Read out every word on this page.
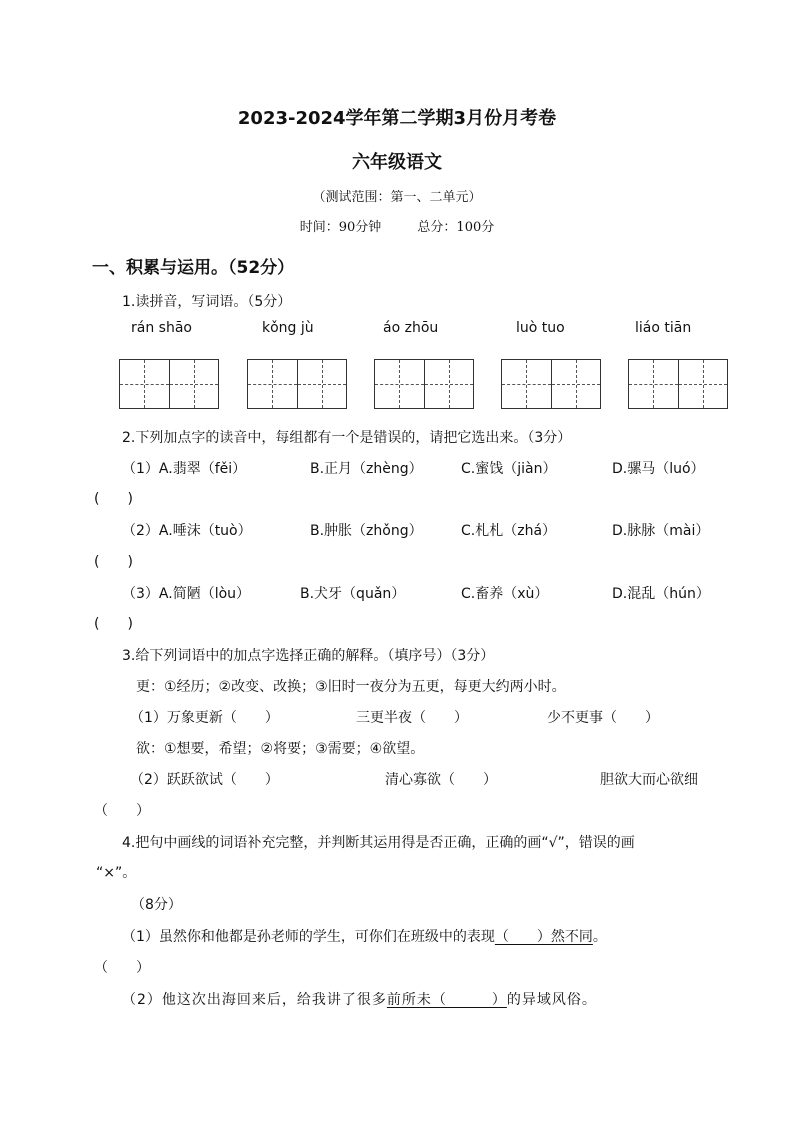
2023-2024学年第二学期3月份月考卷
六年级语文
（测试范围：第一、二单元）
时间：90分钟	总分：100分
一、积累与运用。（52分）
1.读拼音，写词语。（5分）
rán shāo	kǒng jù	áo zhōu	luò tuo	liáo tiān
2.下列加点字的读音中，每组都有一个是错误的，请把它选出来。（3分）
（1）A.翡翠（fěi）	B.正月（zhèng）	C.蜜饯（jiàn）	D.骡马（luó）
(　　)
（2）A.唾沫（tuò）	B.肿胀（zhǒng）	C.札札（zhá）	D.脉脉（mài）
(　　)
（3）A.简陋（lòu）	B.犬牙（quǎn）	C.畜养（xù）	D.混乱（hún）
(　　)
3.给下列词语中的加点字选择正确的解释。（填序号）（3分）
更：①经历；②改变、改换；③旧时一夜分为五更，每更大约两小时。
（1）万象更新（　　）	三更半夜（　　）	少不更事（　　）
欲：①想要，希望；②将要；③需要；④欲望。
（2）跃跃欲试（　　）	清心寡欲（　　）	胆欲大而心欲细
（　　）
4.把句中画线的词语补充完整，并判断其运用得是否正确，正确的画“√”，错误的画
“×”。
（8分）
（1）虽然你和他都是孙老师的学生，可你们在班级中的表现（　　）然不同。
（　　）
（2）他这次出海回来后，给我讲了很多前所未（　　　）的异域风俗。
